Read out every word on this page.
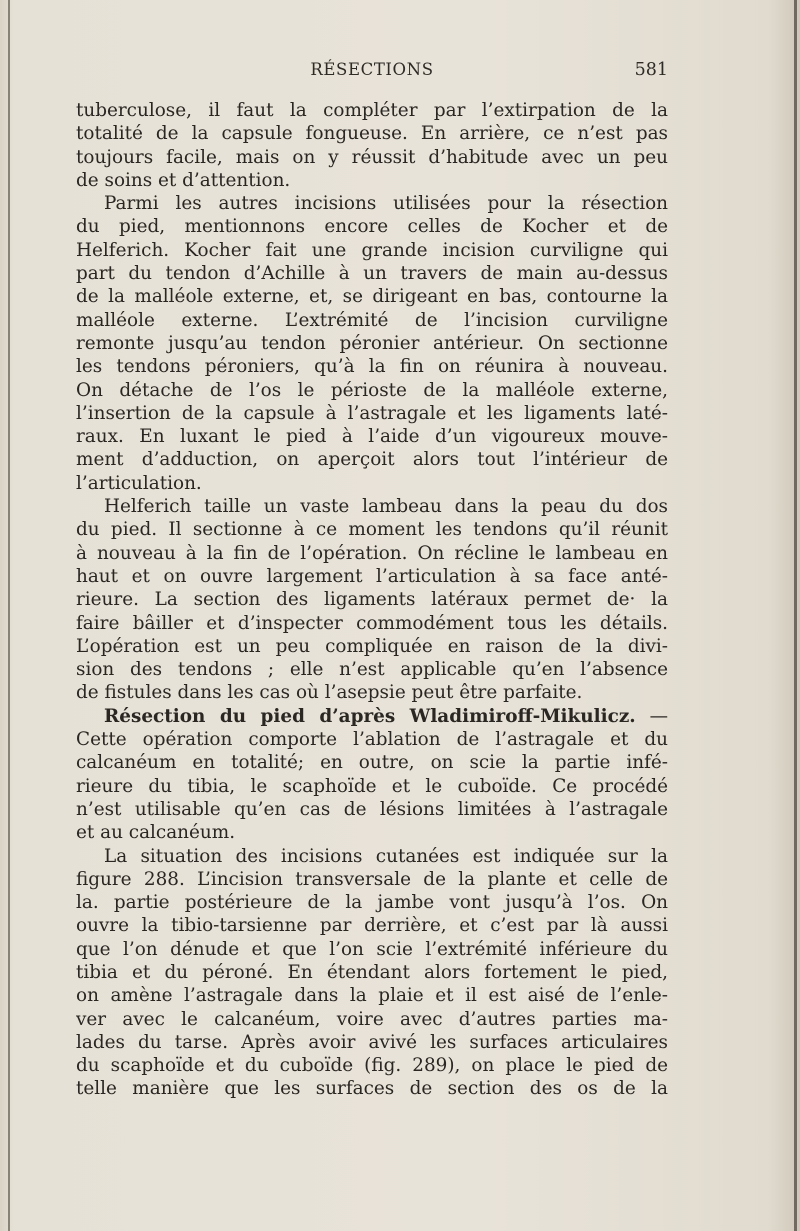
RÉSECTIONS	581
tuberculose, il faut la compléter par l’extirpation de la
totalité de la capsule fongueuse. En arrière, ce n’est pas
toujours facile, mais on y réussit d’habitude avec un peu
de soins et d’attention.
Parmi les autres incisions utilisées pour la résection
du pied, mentionnons encore celles de Kocher et de
Helferich. Kocher fait une grande incision curviligne qui
part du tendon d’Achille à un travers de main au-dessus
de la malléole externe, et, se dirigeant en bas, contourne la
malléole externe. L’extrémité de l’incision curviligne
remonte jusqu’au tendon péronier antérieur. On sectionne
les tendons péroniers, qu’à la fin on réunira à nouveau.
On détache de l’os le périoste de la malléole externe,
l’insertion de la capsule à l’astragale et les ligaments laté-
raux. En luxant le pied à l’aide d’un vigoureux mouve-
ment d’adduction, on aperçoit alors tout l’intérieur de
l’articulation.
Helferich taille un vaste lambeau dans la peau du dos
du pied. Il sectionne à ce moment les tendons qu’il réunit
à nouveau à la fin de l’opération. On récline le lambeau en
haut et on ouvre largement l’articulation à sa face anté-
rieure. La section des ligaments latéraux permet de· la
faire bâiller et d’inspecter commodément tous les détails.
L’opération est un peu compliquée en raison de la divi-
sion des tendons ; elle n’est applicable qu’en l’absence
de fistules dans les cas où l’asepsie peut être parfaite.
Résection du pied d’après Wladimiroff-Mikulicz. —
Cette opération comporte l’ablation de l’astragale et du
calcanéum en totalité; en outre, on scie la partie infé-
rieure du tibia, le scaphoïde et le cuboïde. Ce procédé
n’est utilisable qu’en cas de lésions limitées à l’astragale
et au calcanéum.
La situation des incisions cutanées est indiquée sur la
figure 288. L’incision transversale de la plante et celle de
la. partie postérieure de la jambe vont jusqu’à l’os. On
ouvre la tibio-tarsienne par derrière, et c’est par là aussi
que l’on dénude et que l’on scie l’extrémité inférieure du
tibia et du péroné. En étendant alors fortement le pied,
on amène l’astragale dans la plaie et il est aisé de l’enle-
ver avec le calcanéum, voire avec d’autres parties ma-
lades du tarse. Après avoir avivé les surfaces articulaires
du scaphoïde et du cuboïde (fig. 289), on place le pied de
telle manière que les surfaces de section des os de la
